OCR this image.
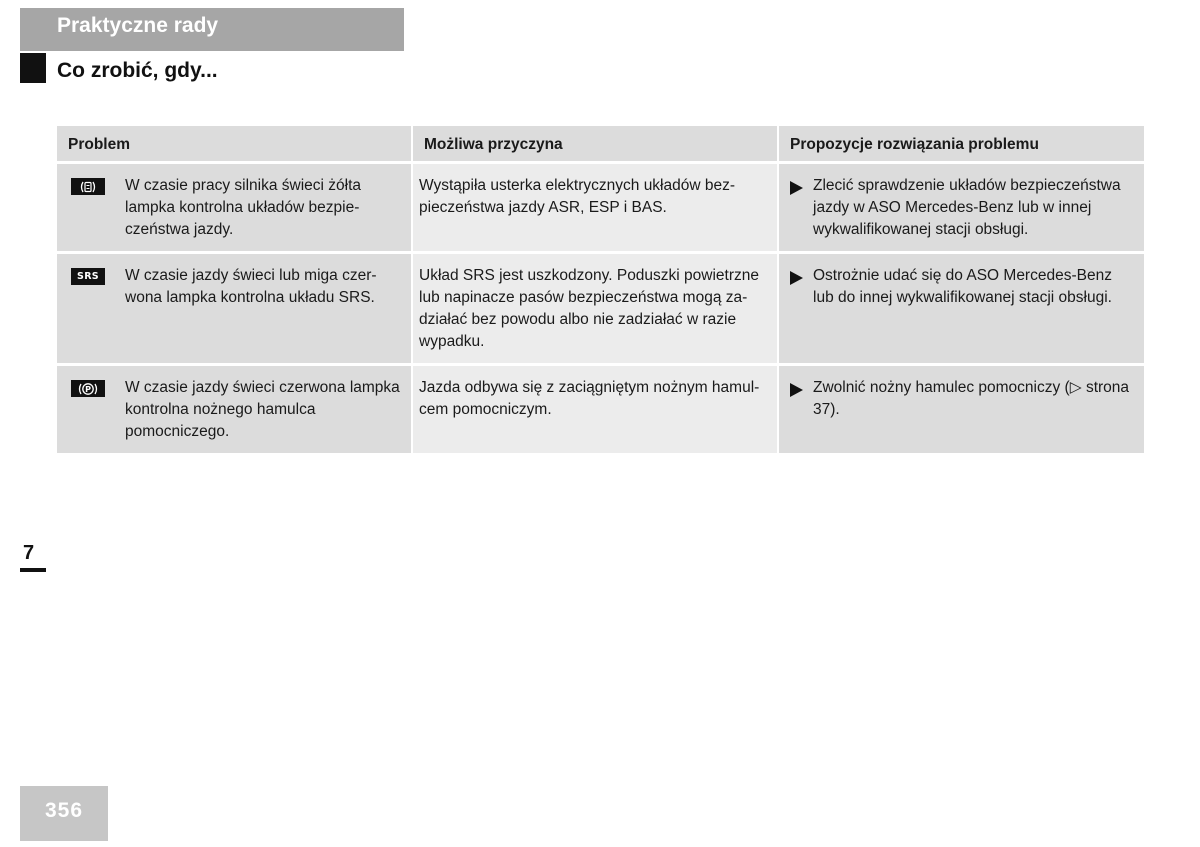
Praktyczne rady
Co zrobić, gdy...
Problem	Możliwa przyczyna	Propozycje rozwiązania problemu

W czasie pracy silnika świeci żółta lampka kontrolna układów bezpie-czeństwa jazdy.	Wystąpiła usterka elektrycznych układów bez-pieczeństwa jazdy ASR, ESP i BAS.	Zlecić sprawdzenie układów bezpieczeństwa jazdy w ASO Mercedes-Benz lub w innej wykwalifikowanej stacji obsługi.

SRS W czasie jazdy świeci lub miga czer-wona lampka kontrolna układu SRS.	Układ SRS jest uszkodzony. Poduszki powietrzne lub napinacze pasów bezpieczeństwa mogą za-działać bez powodu albo nie zadziałać w razie wypadku.	Ostrożnie udać się do ASO Mercedes-Benz lub do innej wykwalifikowanej stacji obsługi.

P W czasie jazdy świeci czerwona lampka kontrolna nożnego hamulca pomocniczego.	Jazda odbywa się z zaciągniętym nożnym hamul-cem pomocniczym.	Zwolnić nożny hamulec pomocniczy (▷ strona 37).
7
356
